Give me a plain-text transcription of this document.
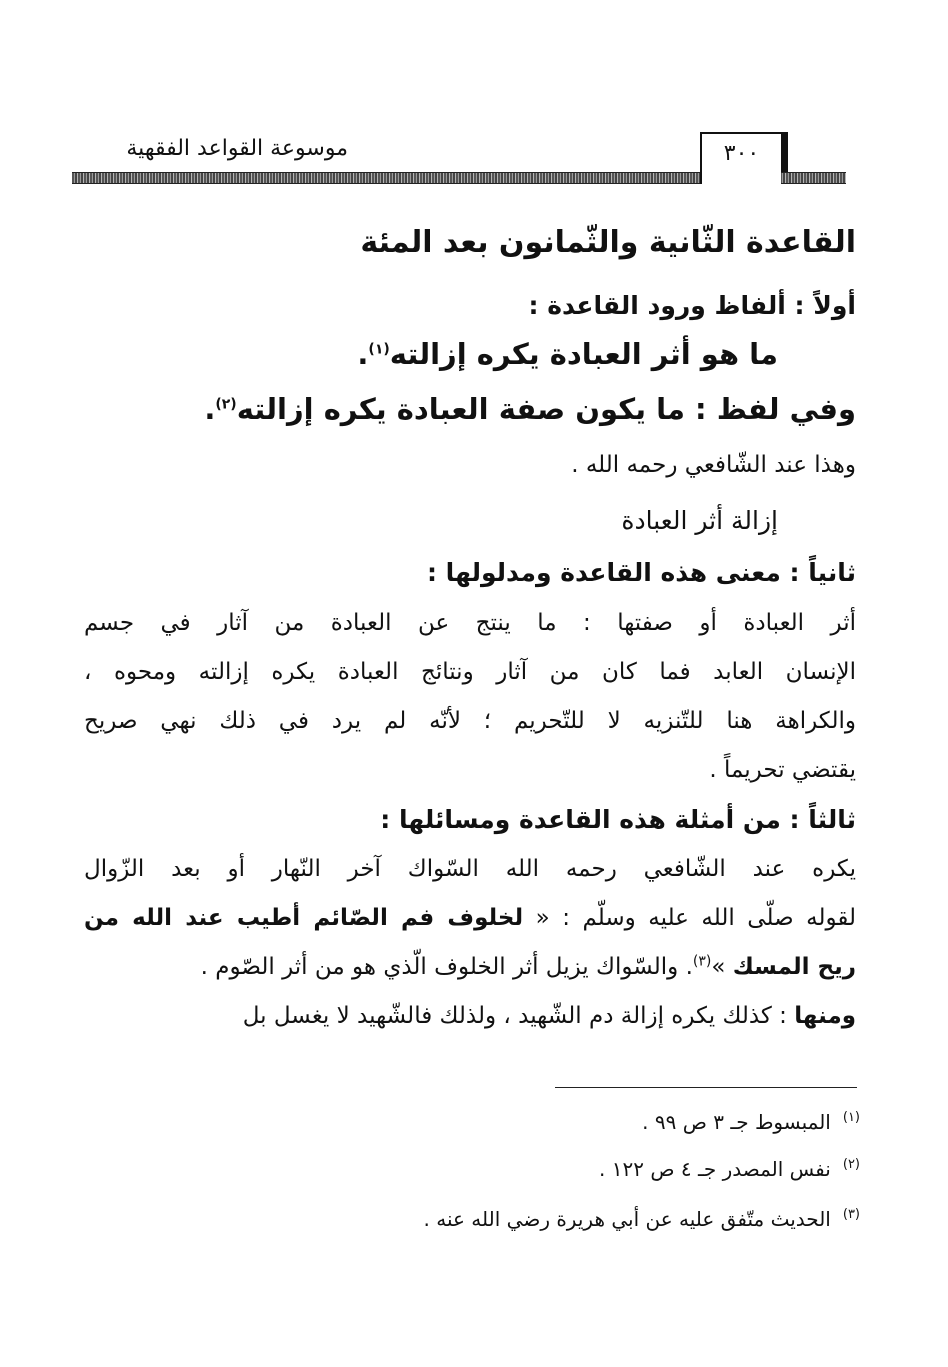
موسوعة القواعد الفقهية	٣٠٠
القاعدة الثّانية والثّمانون بعد المئة
أولاً : ألفاظ ورود القاعدة :
ما هو أثر العبادة يكره إزالته$^{(١)}$.
وفي لفظ : ما يكون صفة العبادة يكره إزالته$^{(٢)}$.
وهذا عند الشّافعي رحمه الله .
إزالة أثر العبادة
ثانياً : معنى هذه القاعدة ومدلولها :
أثر العبادة أو صفتها : ما ينتج عن العبادة من آثار في جسم
الإنسان العابد فما كان من آثار ونتائج العبادة يكره إزالته ومحوه ،
والكراهة هنا للتّنزيه لا للتّحريم ؛ لأنّه لم يرد في ذلك نهي صريح
يقتضي تحريماً .
ثالثاً : من أمثلة هذه القاعدة ومسائلها :
يكره عند الشّافعي رحمه الله السّواك آخر النّهار أو بعد الزّوال
لقوله صلّى الله عليه وسلّم : « لخلوف فم الصّائم أطيب عند الله من
ريح المسك »$^{(٣)}$. والسّواك يزيل أثر الخلوف الّذي هو من أثر الصّوم .
ومنها : كذلك يكره إزالة دم الشّهيد ، ولذلك فالشّهيد لا يغسل بل
$^{(١)}$المبسوط جـ ٣ ص ٩٩ .
$^{(٢)}$نفس المصدر جـ ٤ ص ١٢٢ .
$^{(٣)}$الحديث متّفق عليه عن أبي هريرة رضي الله عنه .
